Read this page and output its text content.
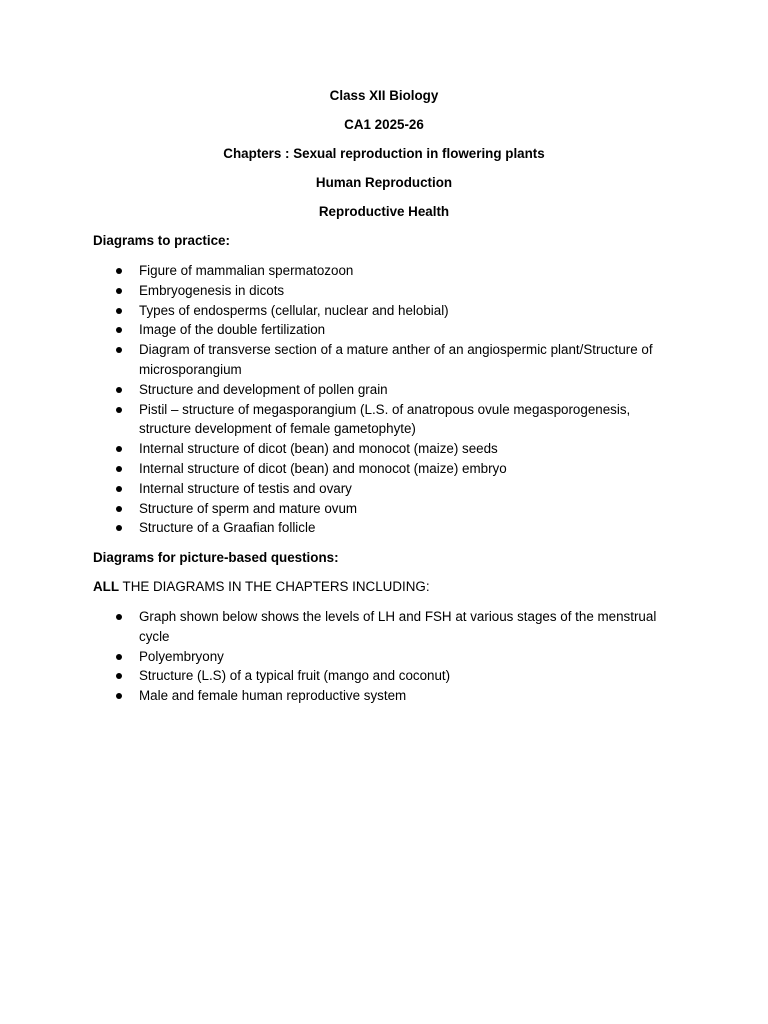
Class XII Biology
CA1 2025-26
Chapters : Sexual reproduction in flowering plants
Human Reproduction
Reproductive Health
Diagrams to practice:
Figure of mammalian spermatozoon
Embryogenesis in dicots
Types of endosperms (cellular, nuclear and helobial)
Image of the double fertilization
Diagram of transverse section of a mature anther of an angiospermic plant/Structure of microsporangium
Structure and development of pollen grain
Pistil – structure of megasporangium (L.S. of anatropous ovule megasporogenesis, structure development of female gametophyte)
Internal structure of dicot (bean) and monocot (maize) seeds
Internal structure of dicot (bean) and monocot (maize) embryo
Internal structure of testis and ovary
Structure of sperm and mature ovum
Structure of a Graafian follicle
Diagrams for picture-based questions:
ALL THE DIAGRAMS IN THE CHAPTERS INCLUDING:
Graph shown below shows the levels of LH and FSH at various stages of the menstrual cycle
Polyembryony
Structure (L.S) of a typical fruit (mango and coconut)
Male and female human reproductive system
